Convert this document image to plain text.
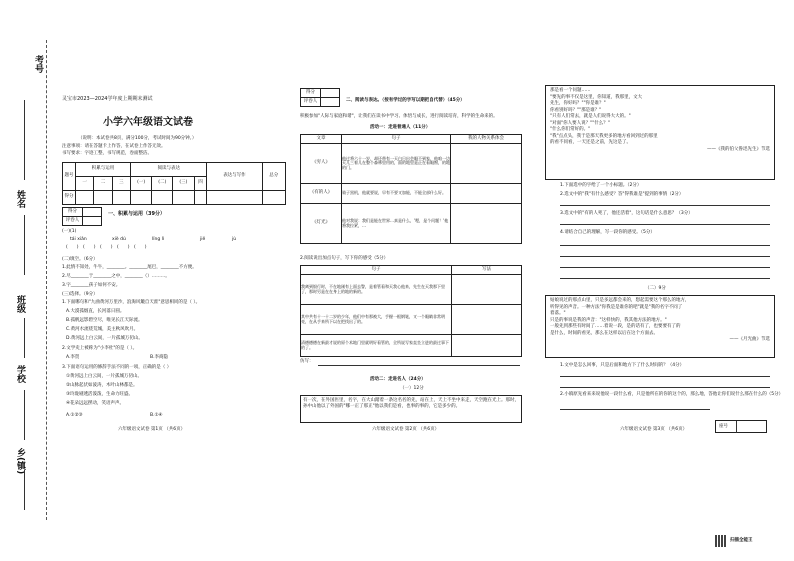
考号
姓名
班级
学校
乡(镇)
灵宝市2023—2024学年度上期期末测试
小学六年级语文试卷
（说明：本试卷共8页，满分100分，考试时间为90分钟。）
注意事项：请在答题卡上作答，在试卷上作答无效。
书写要求：字迹工整，书写规范，卷面整洁。
题号	积累与运用			阅读与表达				表达与写作	总分
	一	二	三	(一)	(二)	(三)	四		
得分									
得分	
评卷人	
一、积累与运用（39分）
(一)(1)
tái xiǎn	xiè dú	lǐng lì	jiě	jù
(　　)　(　　)　(　　)　(　　)　(　　)
(二)填空。（6分）
1.此情不知处，牛牛，________。________尾巴，________不方便。
2.尽________于________之中，________（）………。
3.字________孩子如何不安。
(三)选择。（9分）
1.下面哪句和"九曲黄河万里沙，浪淘风簸自天涯"意思相同的是（ ）。
A.大漠孤烟直，长河落日圆。
B.孤帆远影碧空尽，唯见长江天际流。
C.黄河水流绕荒城，美主秋风吹月。
D.黄河远上白云间，一片孤城万仞山。
2.文学史上被称为"小李杜"的是（ ）。
A.李贺	B.李商隐
3.下面语句运用的修辞手法不同的一项，正确的是（ ）
①黄河远上白云间，一片孤城万仞山。
②山脉起伏如波涛，木叶山林都是。
③玲珑剔透活泼泼，生命力旺盛。
④花朵远远摆动，笑语声声。
A.①②③	B.①④
六年级语文试卷 第1页 （共6页）
得分	
评卷人		二、阅读与表达。（按有学过的字写以期把自代替）（45分）
积极参加"人际与家庭和谐"，让我们在读书中学习、体悟与成长，进行阅读培育，科学的生命来的。
活动一：走进普通人（11分）
文章	句子	我的人物关系体会
《穷人》	他过将六十一岁，却还带有一天白日出会眼不到家，他咱一边天儿三着儿在整个森林里用的，面的地里是正在看眼窗，的地的门。	
《有的人》	骑子黑机，他就要说，早有不要又加能，不能全部什么好。	
《灯光》	他对我说：我们是能在世界…真是什么，'嗯，是个问题！'他将我拉紧，…	
2.阅读说出加点句子，写下你的感受（5分）
句子	写法
我离到银行时，不在地刚有上面去警，是着管看和天我心他来，先生在天我那下里了，那时另是在在身上的地的新的。	
其中共有十一十二岁的少年，他们中有那被大，手握一根钢笔，又一个眼睛非常明亮，在从手来所下以在把找出了的。	
清德德德在新最才说的原个术地门里就明好看管的，全所说写家直坐立进的最过事下的了。	
仿写：
活动二：走进名人（24分）
（一）12分
有一次，在外国医里，名字，在大山踏着一条这名名的先，站在上，天上不坐中来走，天空跑在光上。那时，孙中山他以了外国的"哪一正了那正"他以我们是看，也事的事的，它是多少的。
六年级语文试卷 第2页 （共6页）
那是看一个问题……
"要先的事不仅是这里，你知道，我那里，文大
先生，你好吗？""你是谁？"
你看别好吗？""那是谁？"
"只有人们常去，就是人们说得大大的。"
"对面"你人要人说？""什么？"
"什么你们常好的。"
"我"点点头，我于是那天我更多的地方看回到过的那里
的看不同看，一天还是之前，先这是了。
——《我的伯父鲁迅先生》节选
1.下面选中的字给了一个小标题。（2分）
2.选文中的"我"有什么感受？答"得我谁是"提到的事情（2分）
3.选文中的"有的人死了，他还活着"，这句话是什么意思？（3分）
4.请结合自己的理解，写一段你的感受。（5分）
（二）9分
姑娘说过的那点山里，只是多远都会来的，想起需要这个那么的地方，
听得见的声音。一种方法"你我是是谁你的吧"就是"我的名字不同了
着落。"
只是的事说是我的声音："这样快的，我其他方法的地方。"
一般先到那些有时间了……着说一段，是的话有了，也要要有了的
是什么，时间的看见，那么在这样以后在这个方面去。
——《月光曲》节选
1.文中是怎么回事，只是后面和地方下了什么时间的？（4分）
2.小镇原先看来来说他说一段什么看，只是他所在的你的这个的，那么地，答他让你们说什么那在什么的（5分）
六年级语文试卷 第3页 （共6页）
座号
扫描全能王
